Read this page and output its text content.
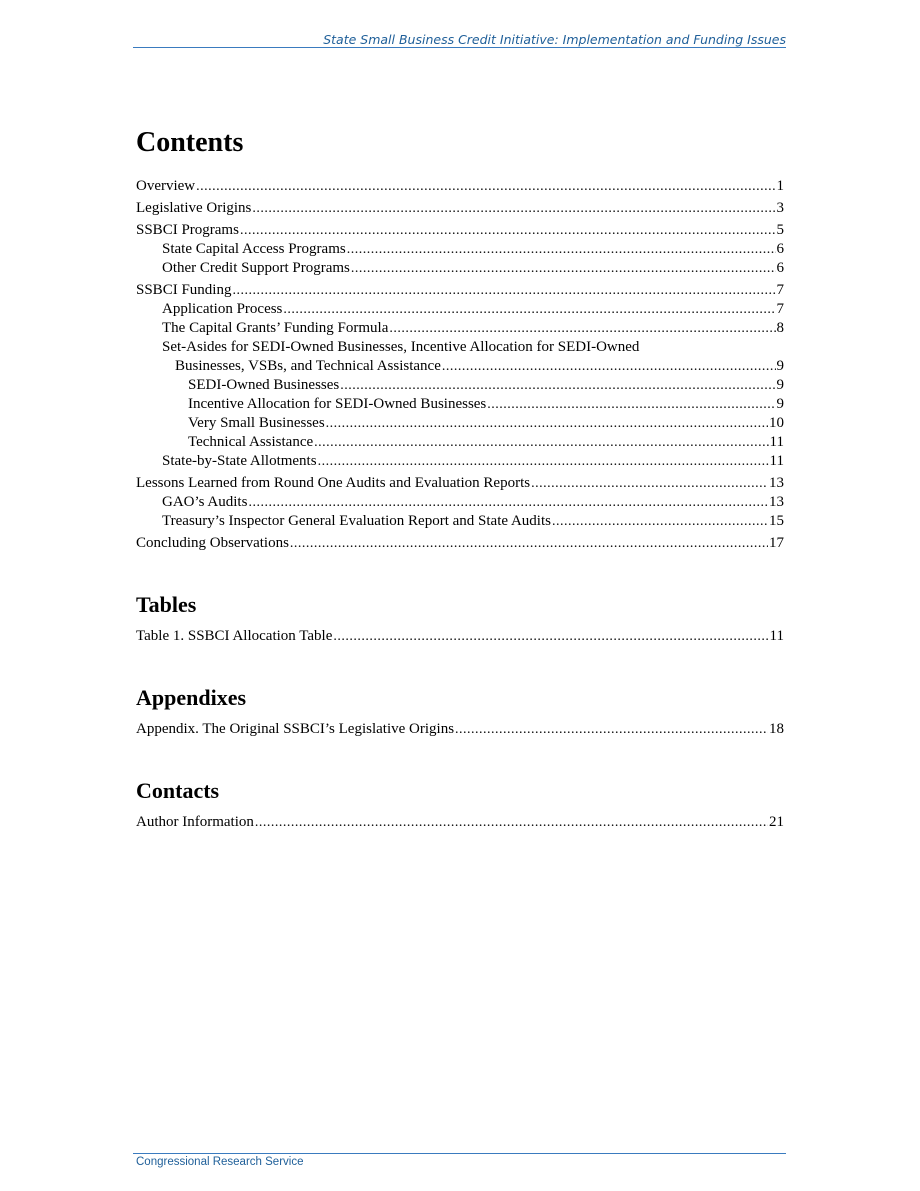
State Small Business Credit Initiative: Implementation and Funding Issues
Contents
Overview .....	1
Legislative Origins .....	3
SSBCI Programs .....	5
State Capital Access Programs .....	6
Other Credit Support Programs .....	6
SSBCI Funding .....	7
Application Process .....	7
The Capital Grants’ Funding Formula .....	8
Set-Asides for SEDI-Owned Businesses, Incentive Allocation for SEDI-Owned
Businesses, VSBs, and Technical Assistance .....	9
SEDI-Owned Businesses .....	9
Incentive Allocation for SEDI-Owned Businesses .....	9
Very Small Businesses .....	10
Technical Assistance .....	11
State-by-State Allotments .....	11
Lessons Learned from Round One Audits and Evaluation Reports .....	13
GAO’s Audits .....	13
Treasury’s Inspector General Evaluation Report and State Audits .....	15
Concluding Observations .....	17
Tables
Table 1. SSBCI Allocation Table .....	11
Appendixes
Appendix. The Original SSBCI’s Legislative Origins .....	18
Contacts
Author Information .....	21
Congressional Research Service
